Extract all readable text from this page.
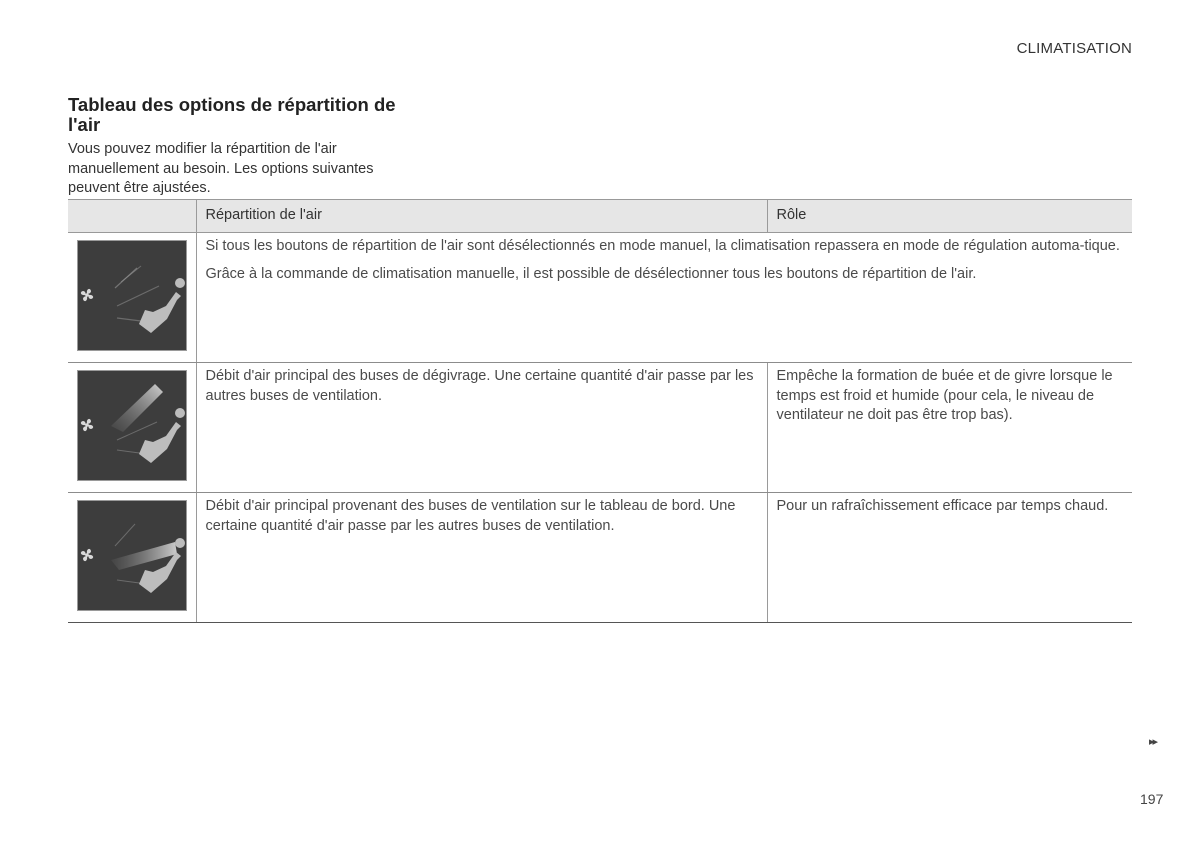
CLIMATISATION
Tableau des options de répartition de l'air

Vous pouvez modifier la répartition de l'air manuellement au besoin. Les options suivantes peuvent être ajustées.

	Répartition de l'air	Rôle

Si tous les boutons de répartition de l'air sont désélectionnés en mode manuel, la climatisation repassera en mode de régulation automa-tique.

Grâce à la commande de climatisation manuelle, il est possible de désélectionner tous les boutons de répartition de l'air.	

	Débit d'air principal des buses de dégivrage. Une certaine quantité d'air passe par les autres buses de ventilation.	Empêche la formation de buée et de givre lorsque le temps est froid et humide (pour cela, le niveau de ventilateur ne doit pas être trop bas).

	Débit d'air principal provenant des buses de ventilation sur le tableau de bord. Une certaine quantité d'air passe par les autres buses de ventilation.	Pour un rafraîchissement efficace par temps chaud.
▸▸
197
